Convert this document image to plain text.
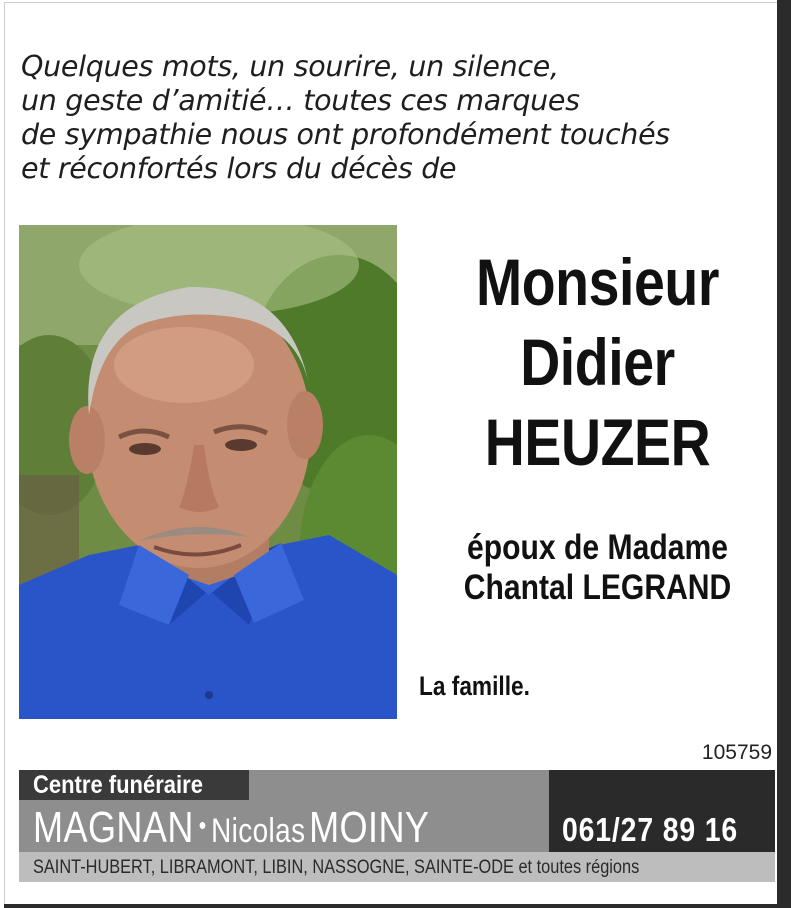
Quelques mots, un sourire, un silence,
un geste d’amitié… toutes ces marques
de sympathie nous ont profondément touchés
et réconfortés lors du décès de
Monsieur
Didier
HEUZER
époux de Madame
Chantal LEGRAND
La famille.
105759
Centre funéraire
MAGNAN • Nicolas MOINY	061/27 89 16
SAINT-HUBERT, LIBRAMONT, LIBIN, NASSOGNE, SAINTE-ODE et toutes régions
